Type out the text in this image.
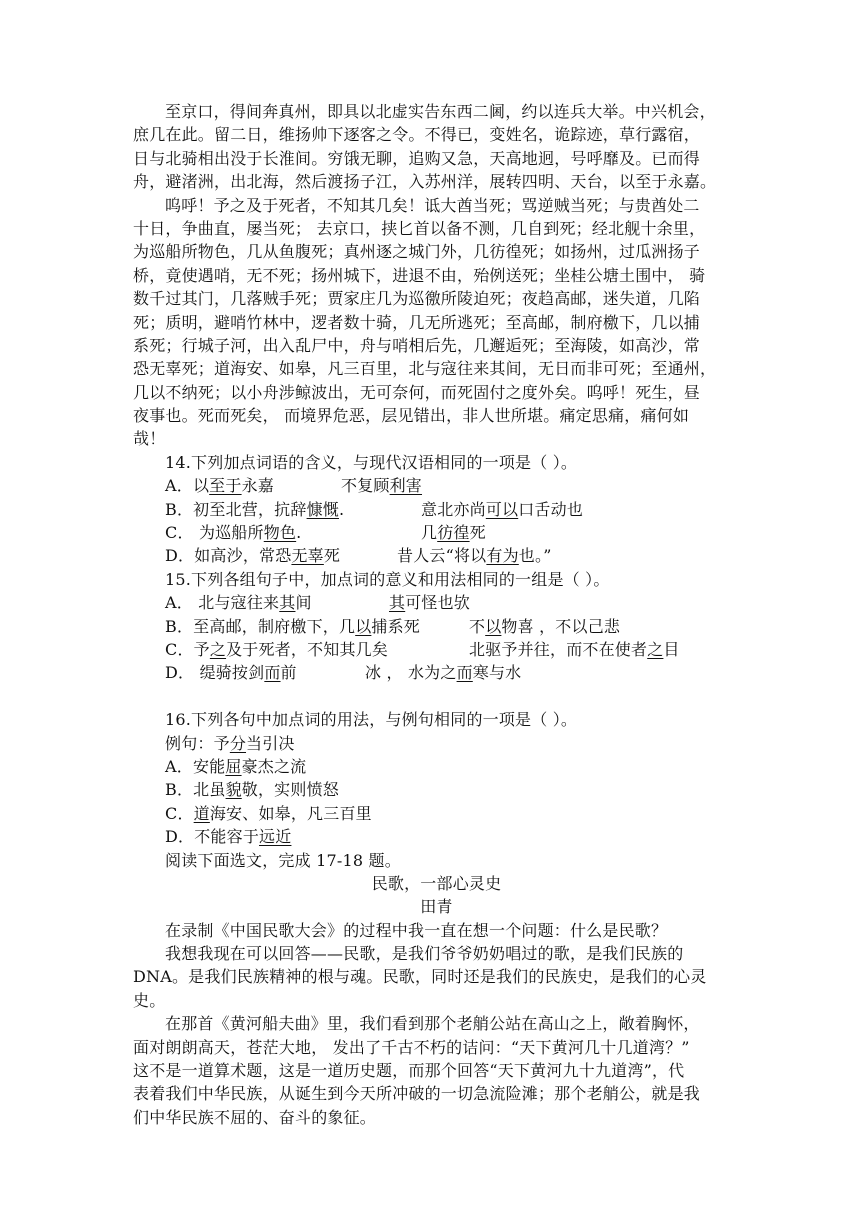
至京口，得间奔真州，即具以北虚实告东西二阃，约以连兵大举。中兴机会，
庶几在此。留二日，维扬帅下逐客之令。不得已，变姓名，诡踪迹，草行露宿，
日与北骑相出没于长淮间。穷饿无聊，追购又急，天高地迥，号呼靡及。已而得
舟，避渚洲，出北海，然后渡扬子江，入苏州洋，展转四明、天台，以至于永嘉。
呜呼！予之及于死者，不知其几矣！诋大酋当死；骂逆贼当死；与贵酋处二
十日，争曲直，屡当死； 去京口，挟匕首以备不测，几自到死；经北舰十余里，
为巡船所物色，几从鱼腹死；真州逐之城门外，几彷徨死；如扬州，过瓜洲扬子
桥，竟使遇哨，无不死；扬州城下，进退不由，殆例送死；坐桂公塘土围中， 骑
数千过其门，几落贼手死；贾家庄几为巡徼所陵迫死；夜趋高邮，迷失道，几陷
死；质明，避哨竹林中，逻者数十骑，几无所逃死；至高邮，制府檄下，几以捕
系死；行城子河，出入乱尸中，舟与哨相后先，几邂逅死；至海陵，如高沙，常
恐无辜死；道海安、如皋，凡三百里，北与寇往来其间，无日而非可死；至通州，
几以不纳死；以小舟涉鲸波出，无可奈何，而死固付之度外矣。呜呼！死生，昼
夜事也。死而死矣， 而境界危恶，层见错出，非人世所堪。痛定思痛，痛何如
哉！
14.下列加点词语的含义，与现代汉语相同的一项是（ ）。
A．以至于永嘉	不复顾利害
B．初至北营，抗辞慷慨.	意北亦尚可以口舌动也
C． 为巡船所物色.	几彷徨死
D．如高沙，常恐无辜死	昔人云“将以有为也。”
15.下列各组句子中，加点词的意义和用法相同的一组是（ ）。
A． 北与寇往来其间	其可怪也欤
B．至高邮，制府檄下，几以捕系死	不以物喜 ，不以己悲
C．予之及于死者，不知其几矣	北驱予并往，而不在使者之目
D． 缇骑按剑而前	冰 ， 水为之而寒与水
16.下列各句中加点词的用法，与例句相同的一项是（ ）。
例句：予分当引决
A．安能屈豪杰之流
B．北虽貌敬，实则愤怒
C．道海安、如皋，凡三百里
D．不能容于远近
阅读下面选文，完成 17-18 题。
民歌，一部心灵史
田青
在录制《中国民歌大会》的过程中我一直在想一个问题：什么是民歌？
我想我现在可以回答——民歌，是我们爷爷奶奶唱过的歌，是我们民族的
DNA。是我们民族精神的根与魂。民歌，同时还是我们的民族史，是我们的心灵
史。
在那首《黄河船夫曲》里，我们看到那个老艄公站在高山之上，敞着胸怀，
面对朗朗高天，苍茫大地， 发出了千古不朽的诘问：“天下黄河几十几道湾？”
这不是一道算术题，这是一道历史题，而那个回答“天下黄河九十九道湾”，代
表着我们中华民族，从诞生到今天所冲破的一切急流险滩；那个老艄公，就是我
们中华民族不屈的、奋斗的象征。
